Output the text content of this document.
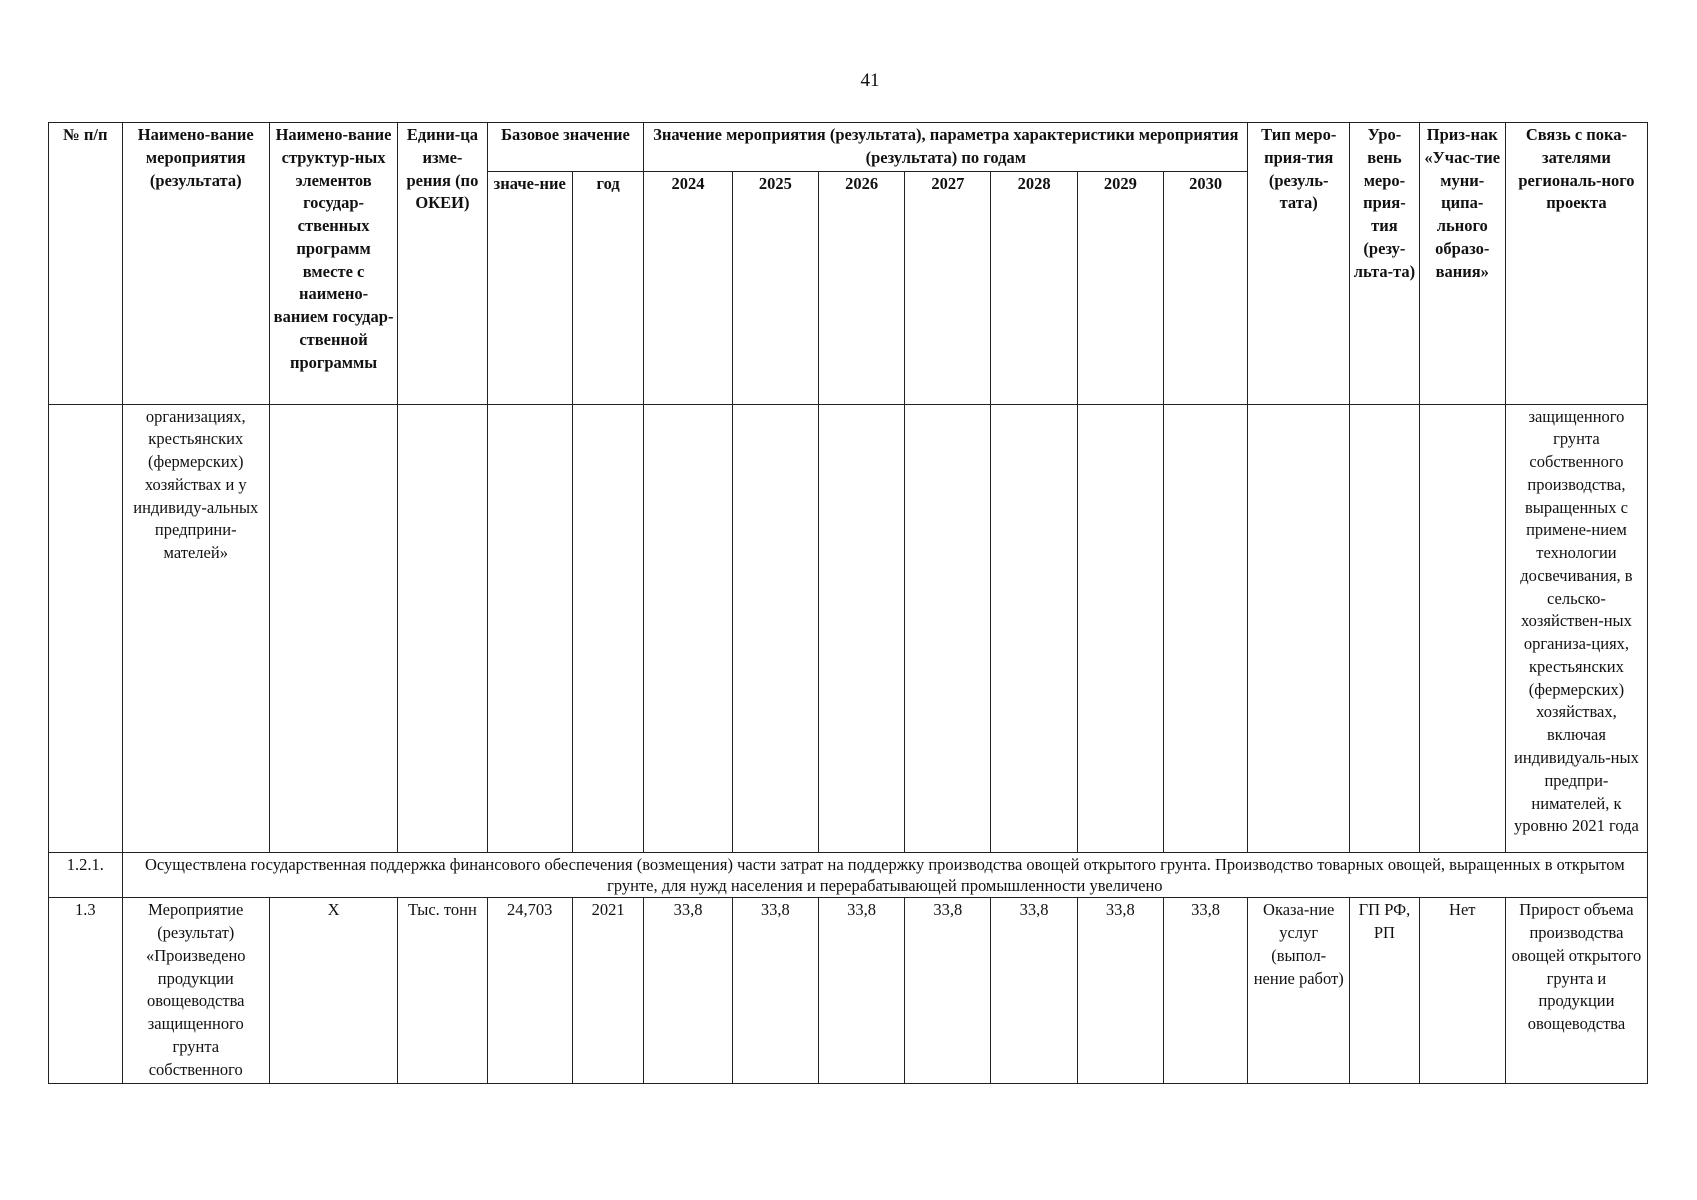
41
№ п/п	Наимено-вание мероприятия (результата)	Наимено-вание структур-ных элементов государ-ственных программ вместе с наимено-ванием государ-ственной программы	Едини-ца изме-рения (по ОКЕИ)	Базовое значение		Значение мероприятия (результата), параметра характеристики мероприятия (результата) по годам							Тип меро-прия-тия (резуль-тата)	Уро-вень меро-прия-тия (резу-льта-та)	Приз-нак «Учас-тие муни-ципа-льного образо-вания»	Связь с пока-зателями региональ-ного проекта
				значе-ние	год	2024	2025	2026	2027	2028	2029	2030				
	организациях, крестьянских (фермерских) хозяйствах и у индивиду-альных предприни-мателей»															защищенного грунта собственного производства, выращенных с примене-нием технологии досвечивания, в сельско-хозяйствен-ных организа-циях, крестьянских (фермерских) хозяйствах, включая индивидуаль-ных предпри-нимателей, к уровню 2021 года
1.2.1.	Осуществлена государственная поддержка финансового обеспечения (возмещения) части затрат на поддержку производства овощей открытого грунта. Производство товарных овощей, выращенных в открытом грунте, для нужд населения и перерабатывающей промышленности увеличено															
1.3	Мероприятие (результат) «Произведено продукции овощеводства защищенного грунта собственного	X	Тыс. тонн	24,703	2021	33,8	33,8	33,8	33,8	33,8	33,8	33,8	Оказа-ние услуг (выпол-нение работ)	ГП РФ, РП	Нет	Прирост объема производства овощей открытого грунта и продукции овощеводства
